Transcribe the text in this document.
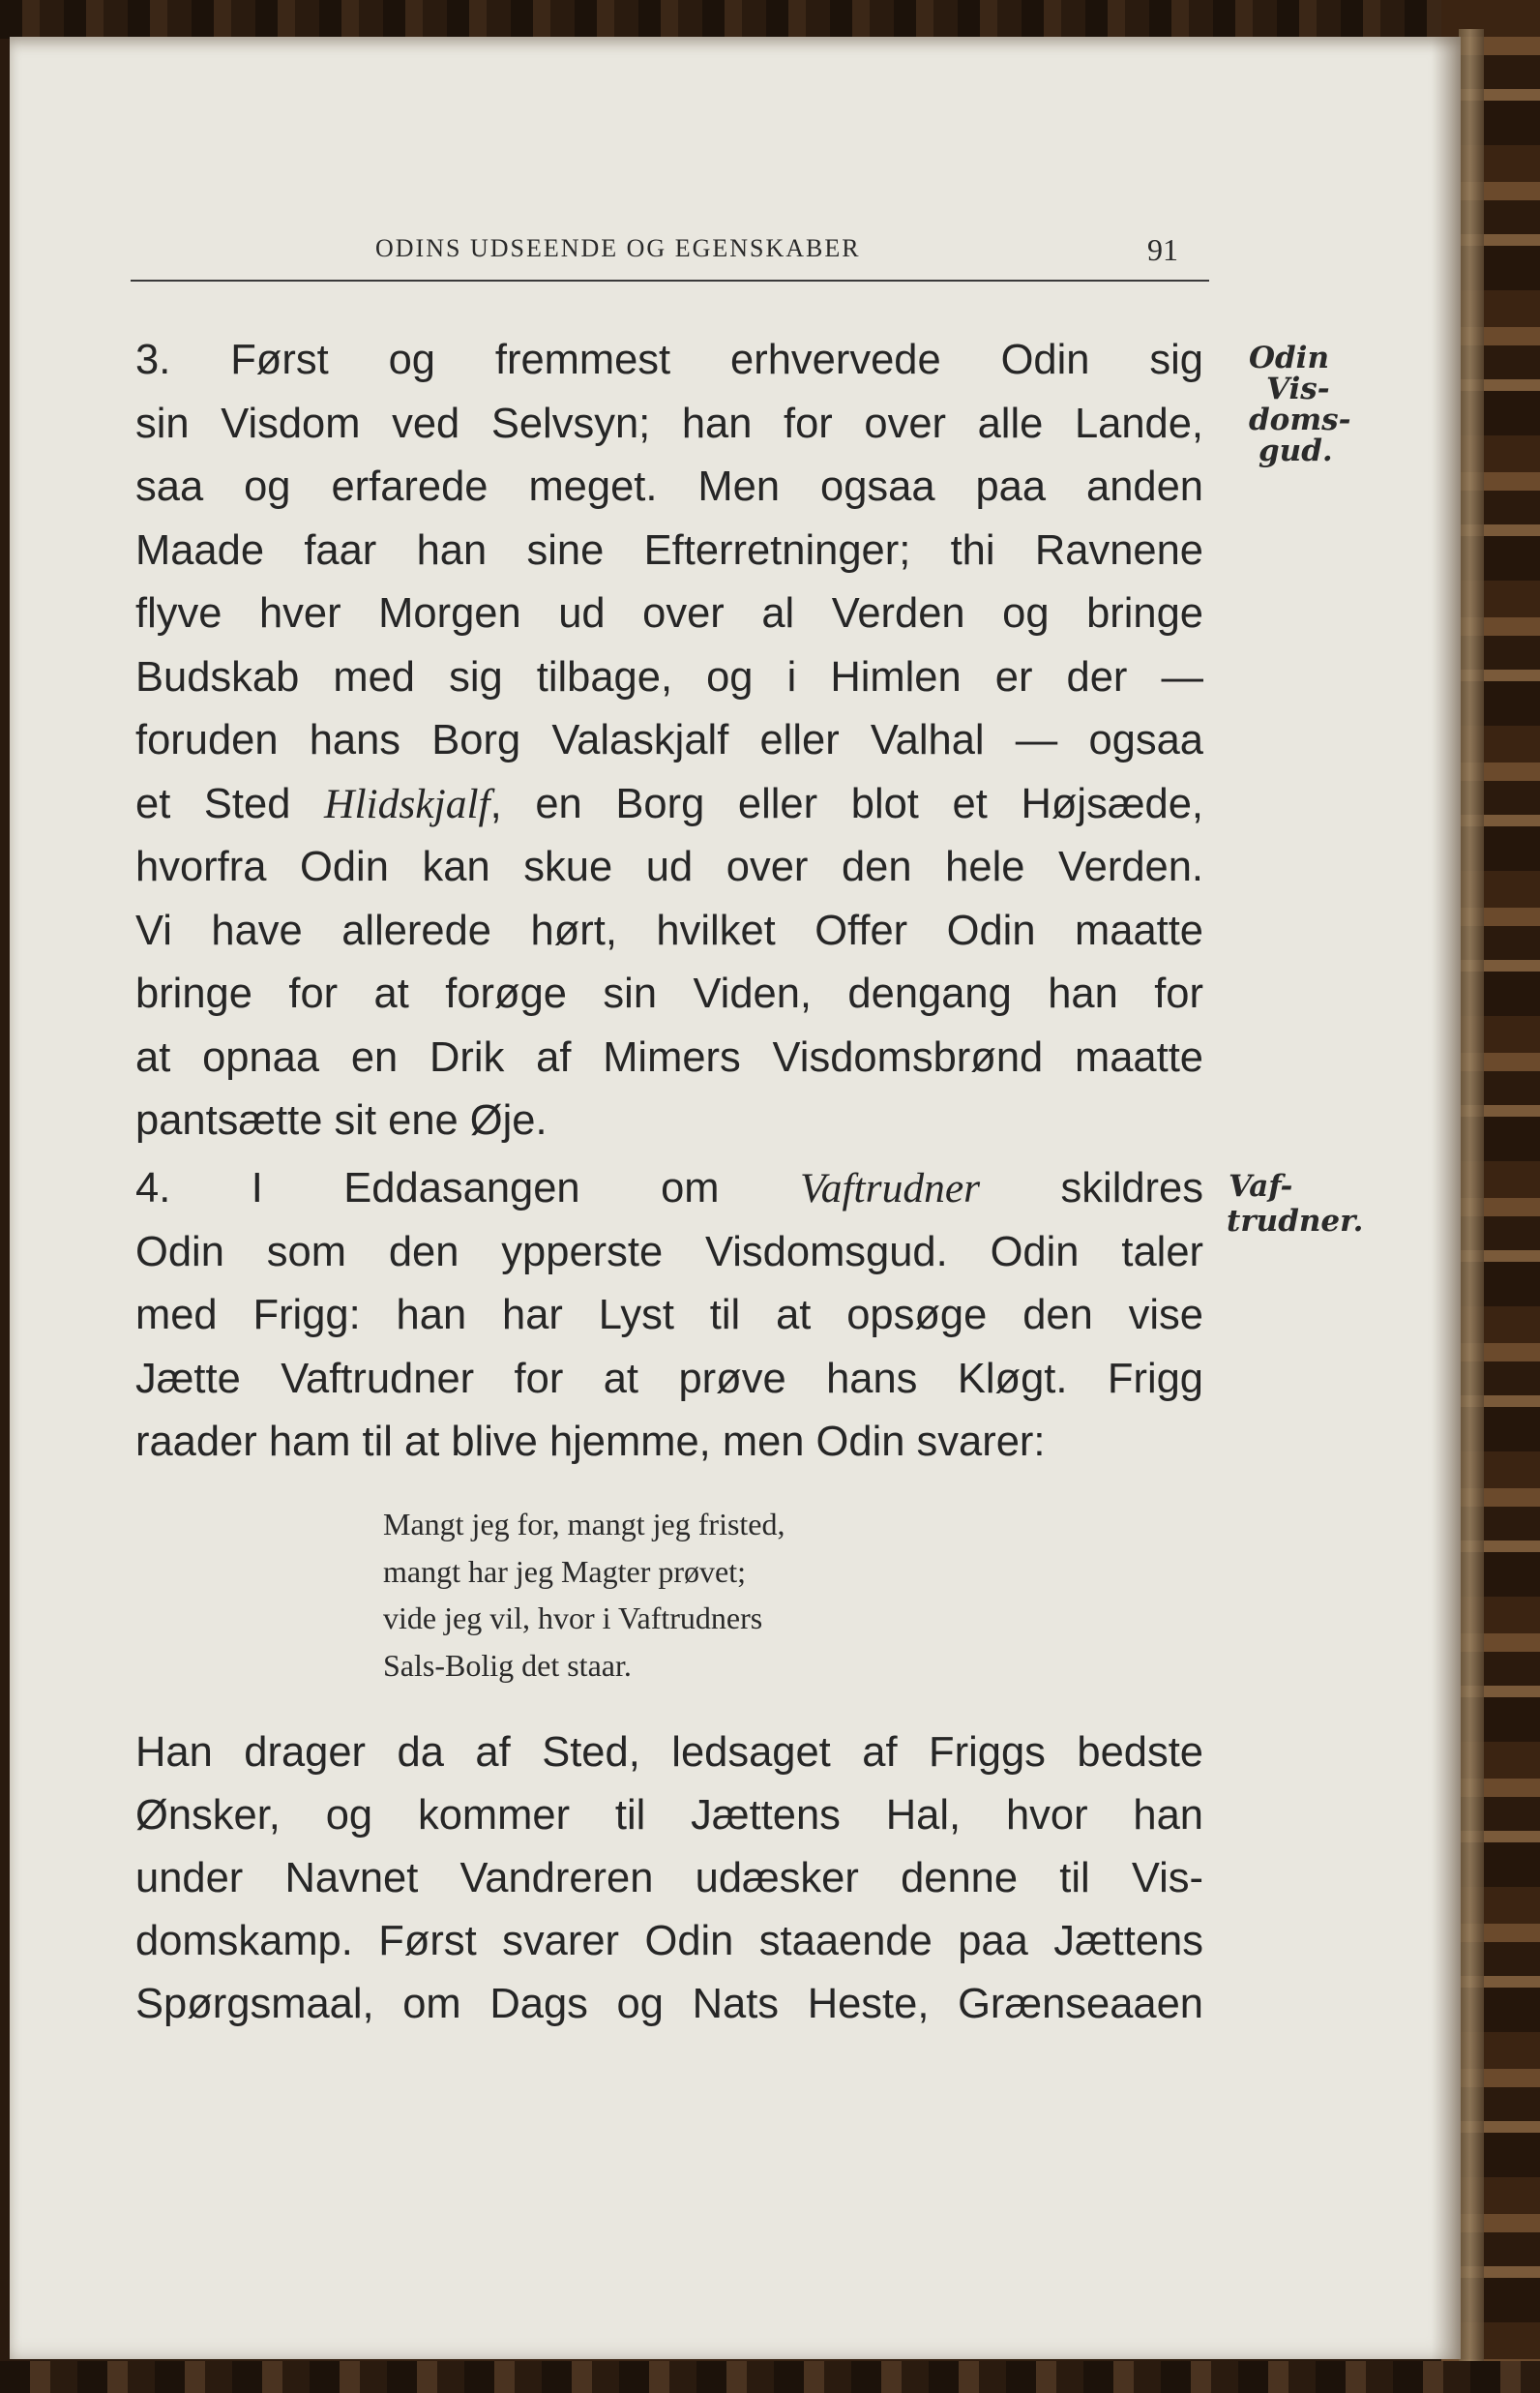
ODINS UDSEENDE OG EGENSKABER	91
3. Først og fremmest erhvervede Odin sig
sin Visdom ved Selvsyn; han for over alle Lande,
saa og erfarede meget. Men ogsaa paa anden
Maade faar han sine Efterretninger; thi Ravnene
flyve hver Morgen ud over al Verden og bringe
Budskab med sig tilbage, og i Himlen er der —
foruden hans Borg Valaskjalf eller Valhal — ogsaa
et Sted Hlidskjalf, en Borg eller blot et Højsæde,
hvorfra Odin kan skue ud over den hele Verden.
Vi have allerede hørt, hvilket Offer Odin maatte
bringe for at forøge sin Viden, dengang han for
at opnaa en Drik af Mimers Visdomsbrønd maatte
pantsætte sit ene Øje.
4. I Eddasangen om Vaftrudner skildres
Odin som den ypperste Visdomsgud. Odin taler
med Frigg: han har Lyst til at opsøge den vise
Jætte Vaftrudner for at prøve hans Kløgt. Frigg
raader ham til at blive hjemme, men Odin svarer:
Mangt jeg for, mangt jeg fristed,
mangt har jeg Magter prøvet;
vide jeg vil, hvor i Vaftrudners
Sals-Bolig det staar.
Han drager da af Sted, ledsaget af Friggs bedste
Ønsker, og kommer til Jættens Hal, hvor han
under Navnet Vandreren udæsker denne til Vis-
domskamp. Først svarer Odin staaende paa Jættens
Spørgsmaal, om Dags og Nats Heste, Grænseaaen
Odin
Vis-
doms-
gud.
Vaf-
trudner.
